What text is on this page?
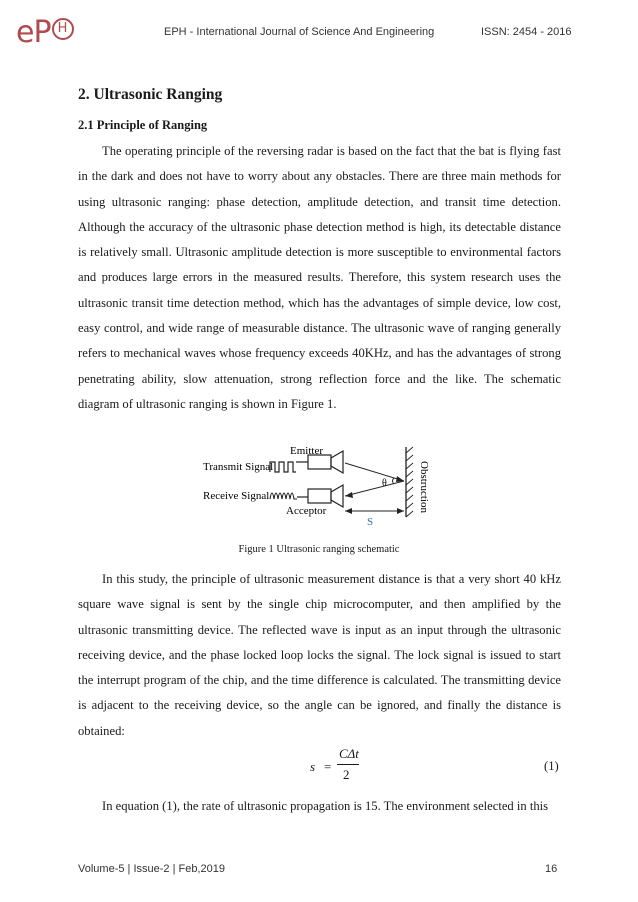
eP H	EPH - International Journal of Science And Engineering	ISSN: 2454 - 2016
2. Ultrasonic Ranging
2.1 Principle of Ranging

The operating principle of the reversing radar is based on the fact that the bat is flying fast in the dark and does not have to worry about any obstacles. There are three main methods for using ultrasonic ranging: phase detection, amplitude detection, and transit time detection. Although the accuracy of the ultrasonic phase detection method is high, its detectable distance is relatively small. Ultrasonic amplitude detection is more susceptible to environmental factors and produces large errors in the measured results. Therefore, this system research uses the ultrasonic transit time detection method, which has the advantages of simple device, low cost, easy control, and wide range of measurable distance. The ultrasonic wave of ranging generally refers to mechanical waves whose frequency exceeds 40KHz, and has the advantages of strong penetrating ability, slow attenuation, strong reflection force and the like. The schematic diagram of ultrasonic ranging is shown in Figure 1.

Emitter
Transmit Signal
Receive Signal
Acceptor
θ	Obstruction
S
Figure 1 Ultrasonic ranging schematic

In this study, the principle of ultrasonic measurement distance is that a very short 40 kHz square wave signal is sent by the single chip microcomputer, and then amplified by the ultrasonic transmitting device. The reflected wave is input as an input through the ultrasonic receiving device, and the phase locked loop locks the signal. The lock signal is issued to start the interrupt program of the chip, and the time difference is calculated. The transmitting device is adjacent to the receiving device, so the angle can be ignored, and finally the distance is obtained:

s =
CΔt
2
(1)

In equation (1), the rate of ultrasonic propagation is 15. The environment selected in this

Volume-5 | Issue-2 | Feb,2019	16
